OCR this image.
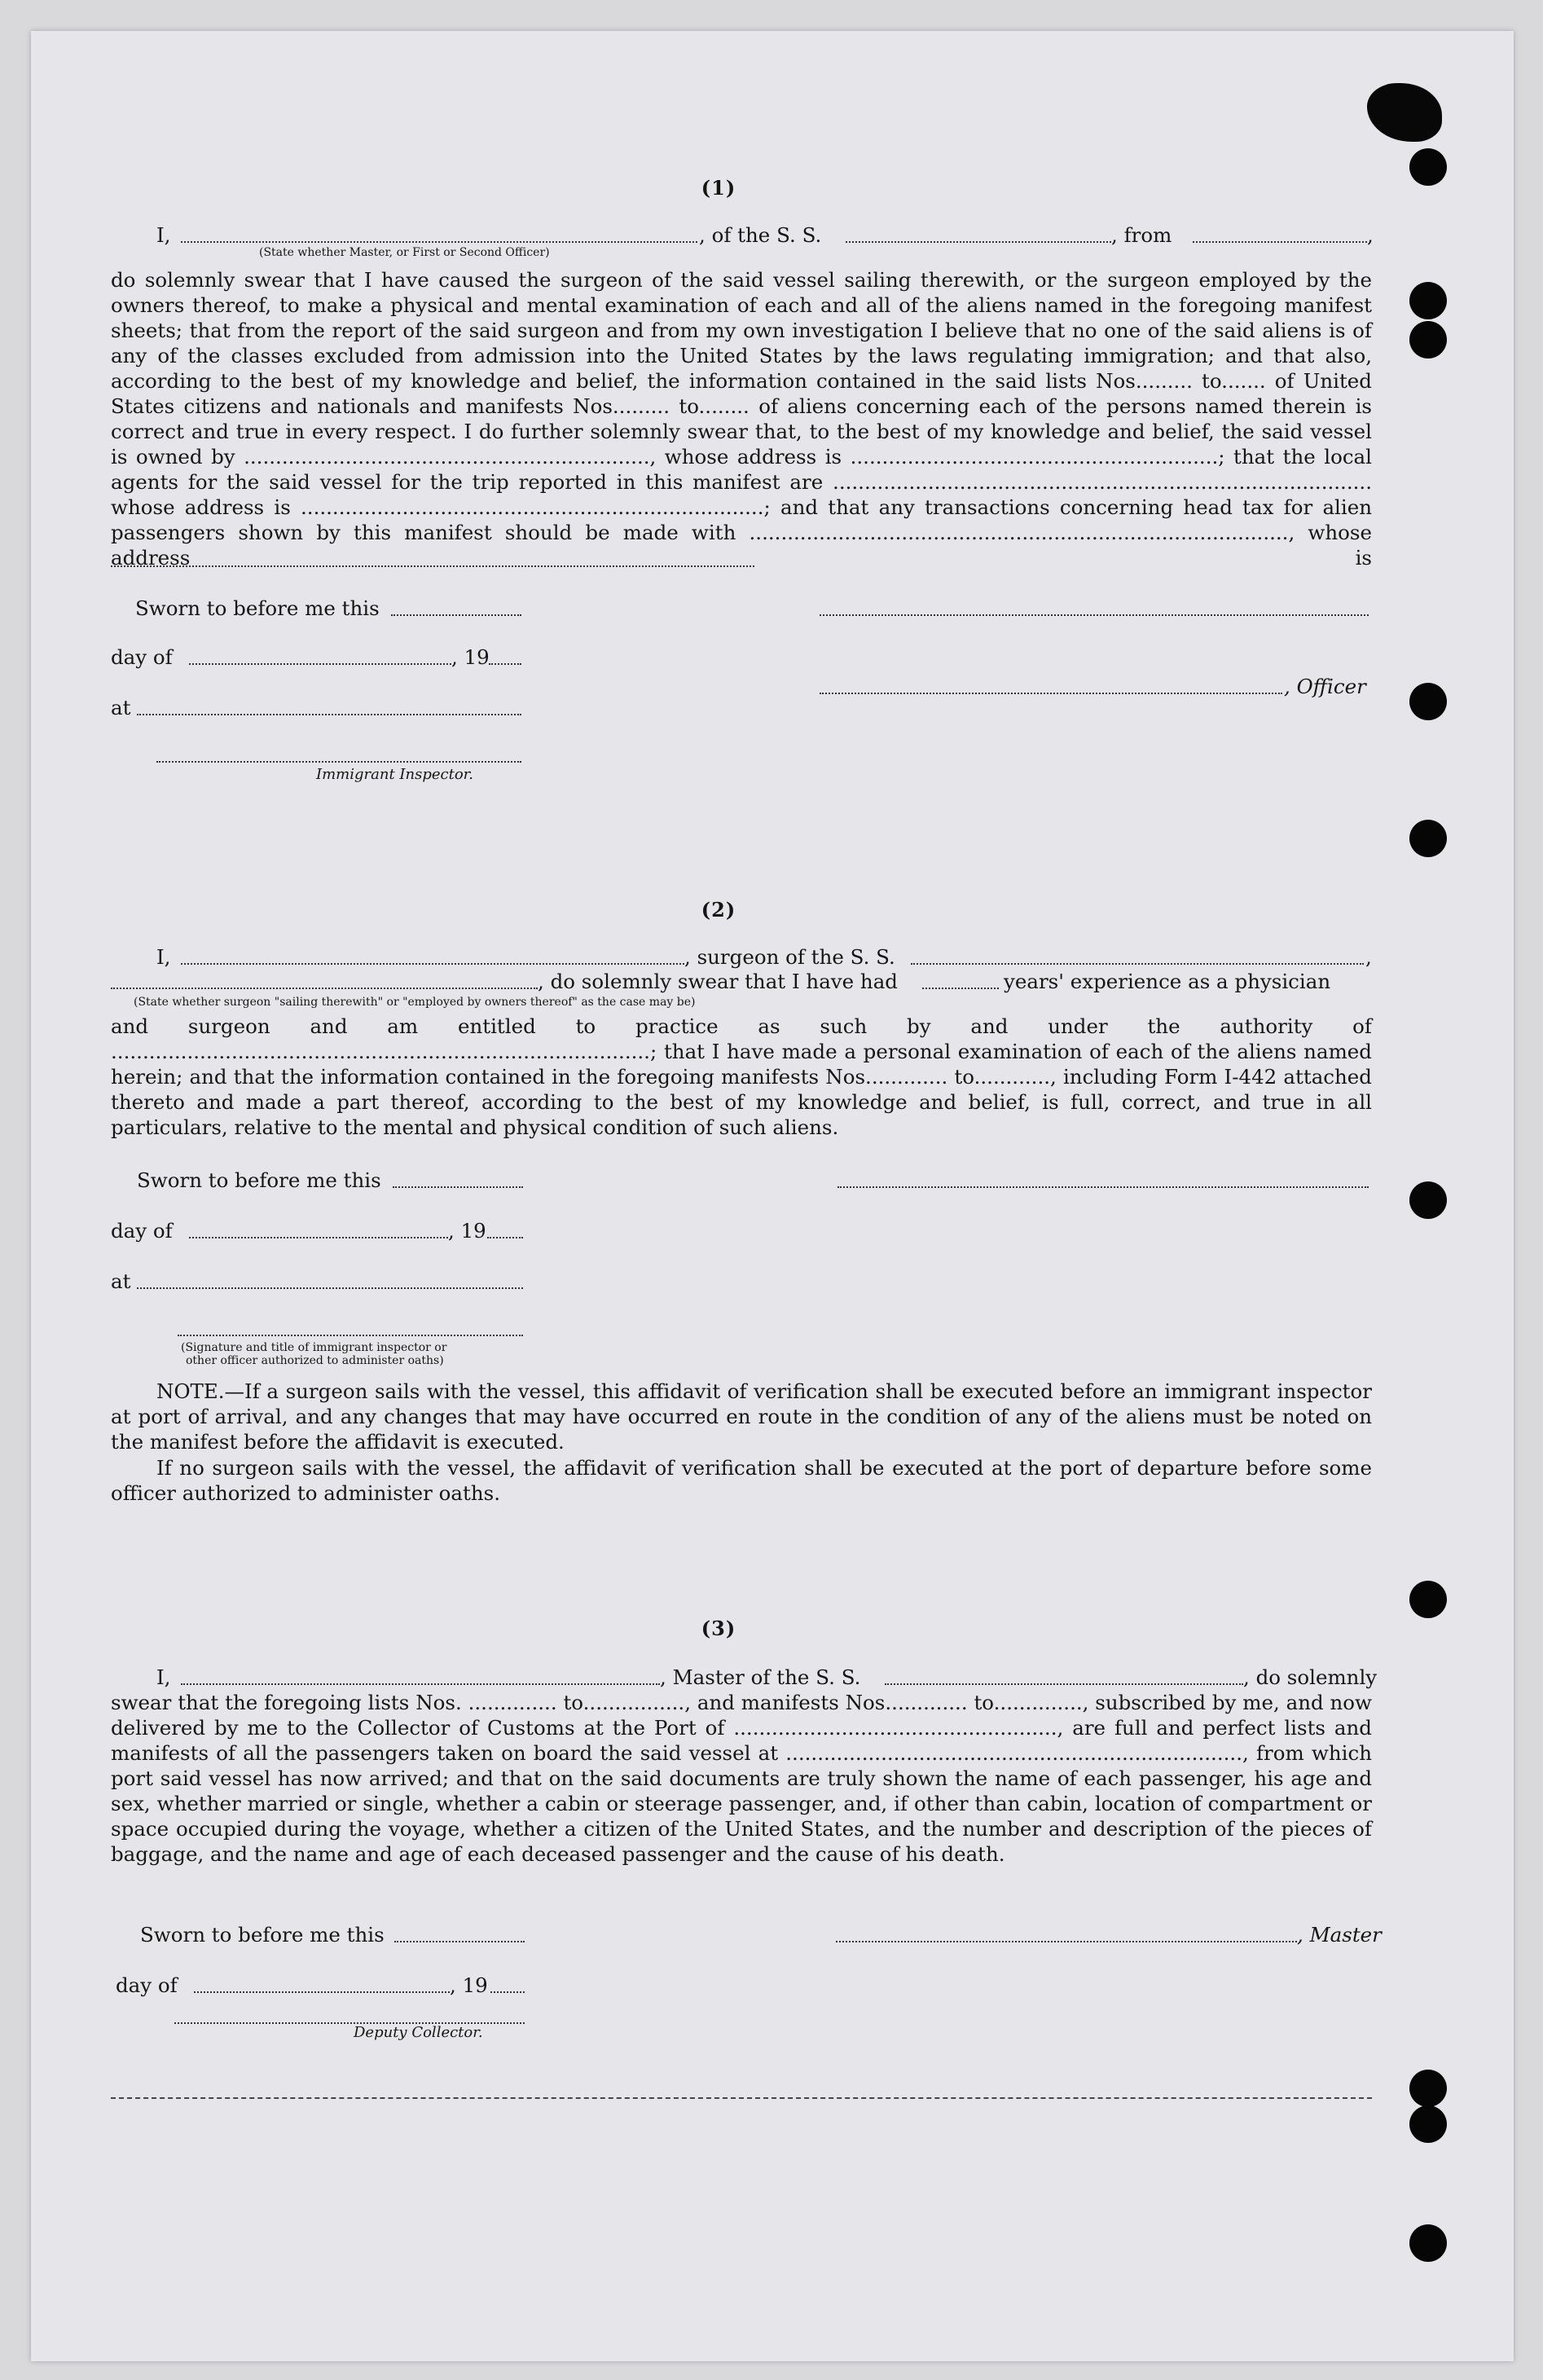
(1)
I,	, of the S. S.	, from	,
(State whether Master, or First or Second Officer)
do solemnly swear that I have caused the surgeon of the said vessel sailing therewith, or the surgeon employed by the owners thereof, to make a physical and mental examination of each and all of the aliens named in the foregoing manifest sheets; that from the report of the said surgeon and from my own investigation I believe that no one of the said aliens is of any of the classes excluded from admission into the United States by the laws regulating immigration; and that also, according to the best of my knowledge and belief, the information contained in the said lists Nos......... to....... of United States citizens and nationals and manifests Nos......... to........ of aliens concerning each of the persons named therein is correct and true in every respect. I do further solemnly swear that, to the best of my knowledge and belief, the said vessel is owned by ................................................................, whose address is ..........................................................; that the local agents for the said vessel for the trip reported in this manifest are ..................................................................................... whose address is .........................................................................; and that any transactions concerning head tax for alien passengers shown by this manifest should be made with ....................................................................................., whose address is
Sworn to before me this
day of	, 19
, Officer
at
Immigrant Inspector.
(2)
I,	, surgeon of the S. S.	,
, do solemnly swear that I have had	years' experience as a physician
(State whether surgeon "sailing therewith" or "employed by owners thereof" as the case may be)
and surgeon and am entitled to practice as such by and under the authority of .....................................................................................; that I have made a personal examination of each of the aliens named herein; and that the information contained in the foregoing manifests Nos............. to............, including Form I-442 attached thereto and made a part thereof, according to the best of my knowledge and belief, is full, correct, and true in all particulars, relative to the mental and physical condition of such aliens.
Sworn to before me this
day of	, 19
at
(Signature and title of immigrant inspector or
other officer authorized to administer oaths)
NOTE.—If a surgeon sails with the vessel, this affidavit of verification shall be executed before an immigrant inspector at port of arrival, and any changes that may have occurred en route in the condition of any of the aliens must be noted on the manifest before the affidavit is executed.
If no surgeon sails with the vessel, the affidavit of verification shall be executed at the port of departure before some officer authorized to administer oaths.
(3)
I,	, Master of the S. S.	, do solemnly
swear that the foregoing lists Nos. .............. to................, and manifests Nos............. to.............., subscribed by me, and now delivered by me to the Collector of Customs at the Port of ..................................................., are full and perfect lists and manifests of all the passengers taken on board the said vessel at ........................................................................, from which port said vessel has now arrived; and that on the said documents are truly shown the name of each passenger, his age and sex, whether married or single, whether a cabin or steerage passenger, and, if other than cabin, location of compartment or space occupied during the voyage, whether a citizen of the United States, and the number and description of the pieces of baggage, and the name and age of each deceased passenger and the cause of his death.
Sworn to before me this	, Master
day of	, 19
Deputy Collector.
